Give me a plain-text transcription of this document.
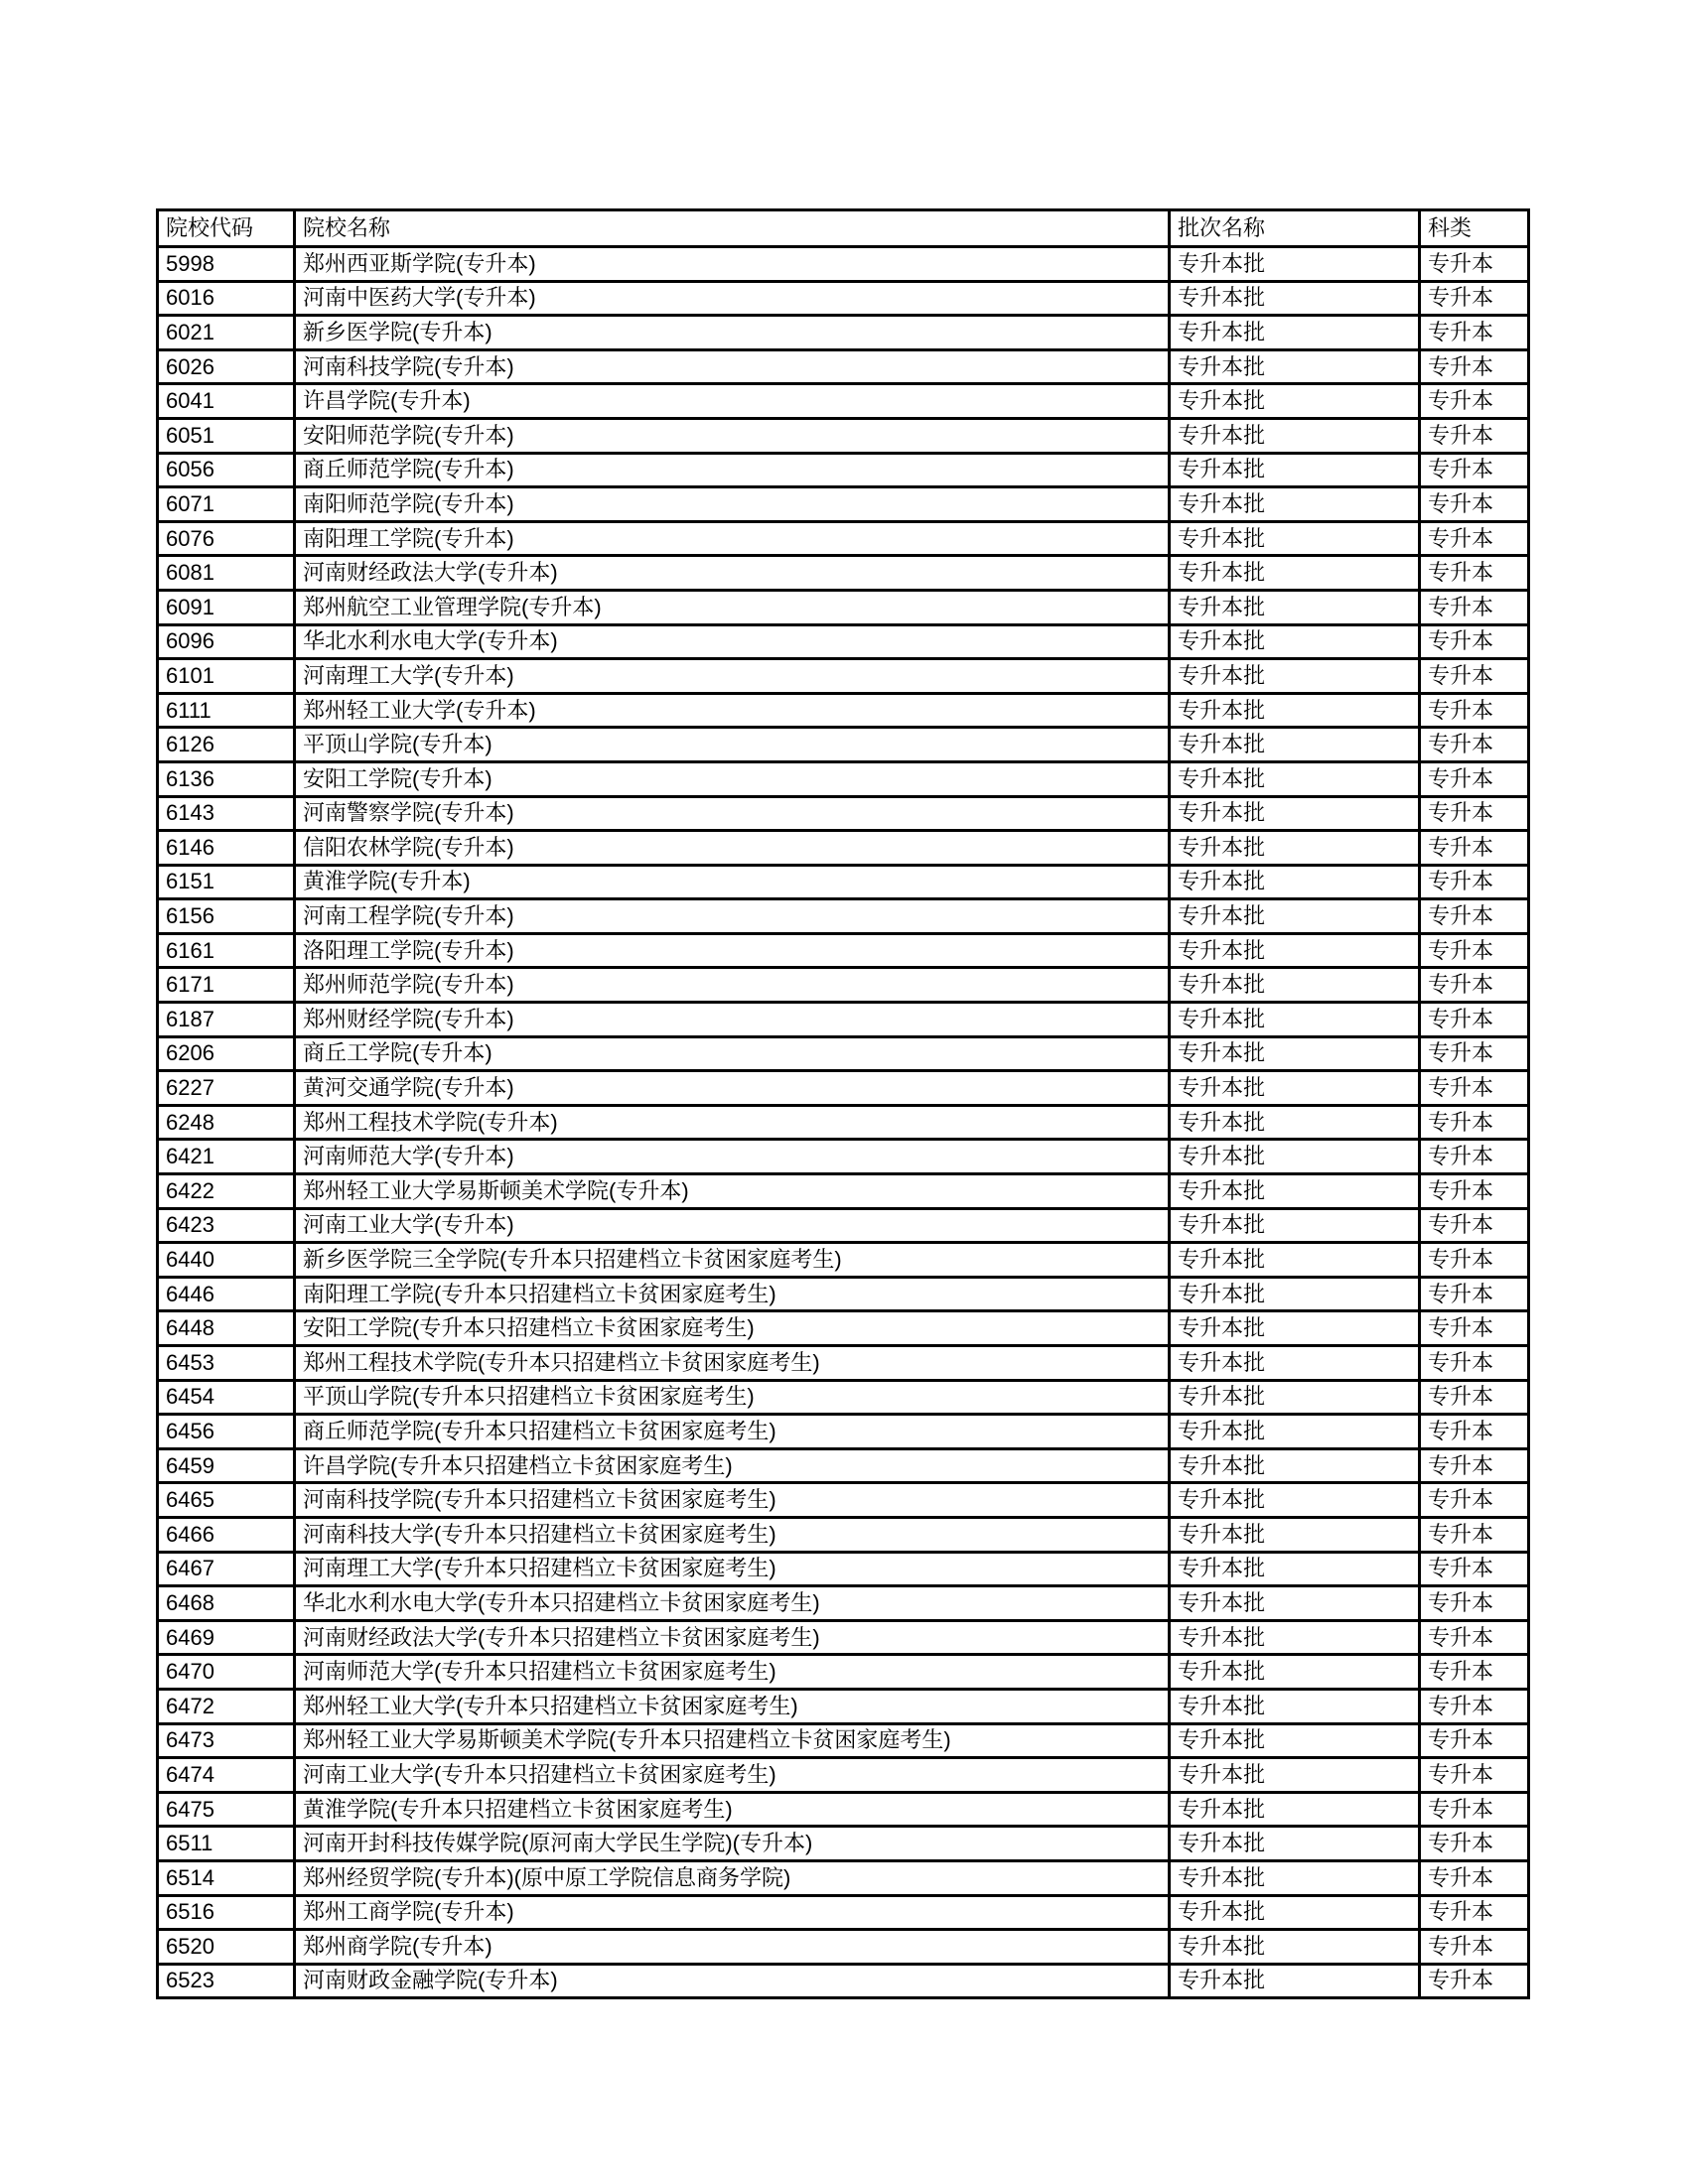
院校代码	院校名称	批次名称	科类
5998	郑州西亚斯学院(专升本)	专升本批	专升本
6016	河南中医药大学(专升本)	专升本批	专升本
6021	新乡医学院(专升本)	专升本批	专升本
6026	河南科技学院(专升本)	专升本批	专升本
6041	许昌学院(专升本)	专升本批	专升本
6051	安阳师范学院(专升本)	专升本批	专升本
6056	商丘师范学院(专升本)	专升本批	专升本
6071	南阳师范学院(专升本)	专升本批	专升本
6076	南阳理工学院(专升本)	专升本批	专升本
6081	河南财经政法大学(专升本)	专升本批	专升本
6091	郑州航空工业管理学院(专升本)	专升本批	专升本
6096	华北水利水电大学(专升本)	专升本批	专升本
6101	河南理工大学(专升本)	专升本批	专升本
6111	郑州轻工业大学(专升本)	专升本批	专升本
6126	平顶山学院(专升本)	专升本批	专升本
6136	安阳工学院(专升本)	专升本批	专升本
6143	河南警察学院(专升本)	专升本批	专升本
6146	信阳农林学院(专升本)	专升本批	专升本
6151	黄淮学院(专升本)	专升本批	专升本
6156	河南工程学院(专升本)	专升本批	专升本
6161	洛阳理工学院(专升本)	专升本批	专升本
6171	郑州师范学院(专升本)	专升本批	专升本
6187	郑州财经学院(专升本)	专升本批	专升本
6206	商丘工学院(专升本)	专升本批	专升本
6227	黄河交通学院(专升本)	专升本批	专升本
6248	郑州工程技术学院(专升本)	专升本批	专升本
6421	河南师范大学(专升本)	专升本批	专升本
6422	郑州轻工业大学易斯顿美术学院(专升本)	专升本批	专升本
6423	河南工业大学(专升本)	专升本批	专升本
6440	新乡医学院三全学院(专升本只招建档立卡贫困家庭考生)	专升本批	专升本
6446	南阳理工学院(专升本只招建档立卡贫困家庭考生)	专升本批	专升本
6448	安阳工学院(专升本只招建档立卡贫困家庭考生)	专升本批	专升本
6453	郑州工程技术学院(专升本只招建档立卡贫困家庭考生)	专升本批	专升本
6454	平顶山学院(专升本只招建档立卡贫困家庭考生)	专升本批	专升本
6456	商丘师范学院(专升本只招建档立卡贫困家庭考生)	专升本批	专升本
6459	许昌学院(专升本只招建档立卡贫困家庭考生)	专升本批	专升本
6465	河南科技学院(专升本只招建档立卡贫困家庭考生)	专升本批	专升本
6466	河南科技大学(专升本只招建档立卡贫困家庭考生)	专升本批	专升本
6467	河南理工大学(专升本只招建档立卡贫困家庭考生)	专升本批	专升本
6468	华北水利水电大学(专升本只招建档立卡贫困家庭考生)	专升本批	专升本
6469	河南财经政法大学(专升本只招建档立卡贫困家庭考生)	专升本批	专升本
6470	河南师范大学(专升本只招建档立卡贫困家庭考生)	专升本批	专升本
6472	郑州轻工业大学(专升本只招建档立卡贫困家庭考生)	专升本批	专升本
6473	郑州轻工业大学易斯顿美术学院(专升本只招建档立卡贫困家庭考生)	专升本批	专升本
6474	河南工业大学(专升本只招建档立卡贫困家庭考生)	专升本批	专升本
6475	黄淮学院(专升本只招建档立卡贫困家庭考生)	专升本批	专升本
6511	河南开封科技传媒学院(原河南大学民生学院)(专升本)	专升本批	专升本
6514	郑州经贸学院(专升本)(原中原工学院信息商务学院)	专升本批	专升本
6516	郑州工商学院(专升本)	专升本批	专升本
6520	郑州商学院(专升本)	专升本批	专升本
6523	河南财政金融学院(专升本)	专升本批	专升本
